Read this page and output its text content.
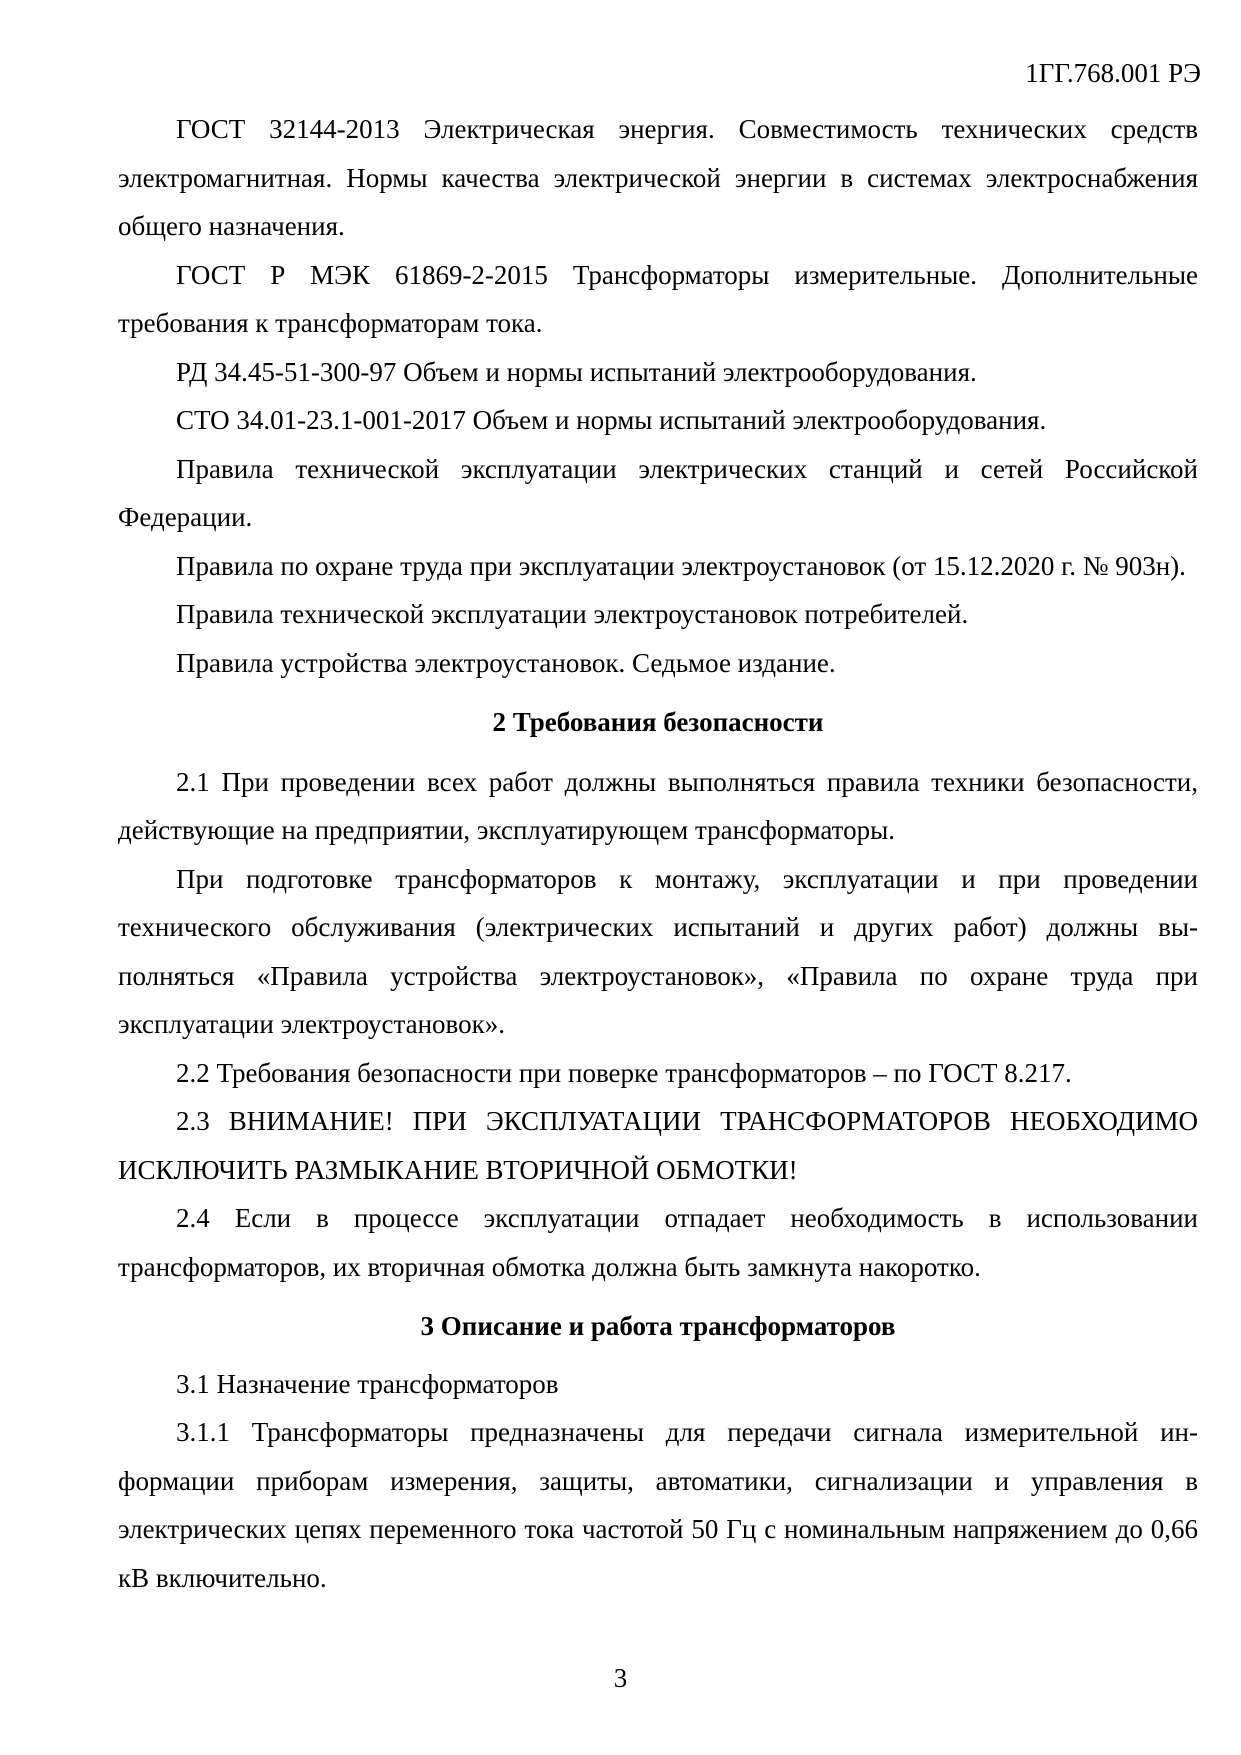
1ГГ.768.001 РЭ

ГОСТ 32144-2013 Электрическая энергия. Совместимость технических средств электромагнитная. Нормы качества электрической энергии в системах электроснабжения общего назначения.

ГОСТ Р МЭК 61869-2-2015 Трансформаторы измерительные. Дополнительные требования к трансформаторам тока.

РД 34.45-51-300-97 Объем и нормы испытаний электрооборудования.

СТО 34.01-23.1-001-2017 Объем и нормы испытаний электрооборудования.

Правила технической эксплуатации электрических станций и сетей Российской Федерации.

Правила по охране труда при эксплуатации электроустановок (от 15.12.2020 г. № 903н).

Правила технической эксплуатации электроустановок потребителей.

Правила устройства электроустановок. Седьмое издание.

2 Требования безопасности

2.1 При проведении всех работ должны выполняться правила техники безопасности, действующие на предприятии, эксплуатирующем трансформаторы.

При подготовке трансформаторов к монтажу, эксплуатации и при проведении технического обслуживания (электрических испытаний и других работ) должны выполняться «Правила устройства электроустановок», «Правила по охране труда при эксплуатации электроустановок».

2.2 Требования безопасности при поверке трансформаторов – по ГОСТ 8.217.

2.3 ВНИМАНИЕ! ПРИ ЭКСПЛУАТАЦИИ ТРАНСФОРМАТОРОВ НЕОБХОДИМО ИСКЛЮЧИТЬ РАЗМЫКАНИЕ ВТОРИЧНОЙ ОБМОТКИ!

2.4 Если в процессе эксплуатации отпадает необходимость в использовании трансформаторов, их вторичная обмотка должна быть замкнута накоротко.

3 Описание и работа трансформаторов

3.1 Назначение трансформаторов

3.1.1 Трансформаторы предназначены для передачи сигнала измерительной информации приборам измерения, защиты, автоматики, сигнализации и управления в электрических цепях переменного тока частотой 50 Гц с номинальным напряжением до 0,66 кВ включительно.

3
